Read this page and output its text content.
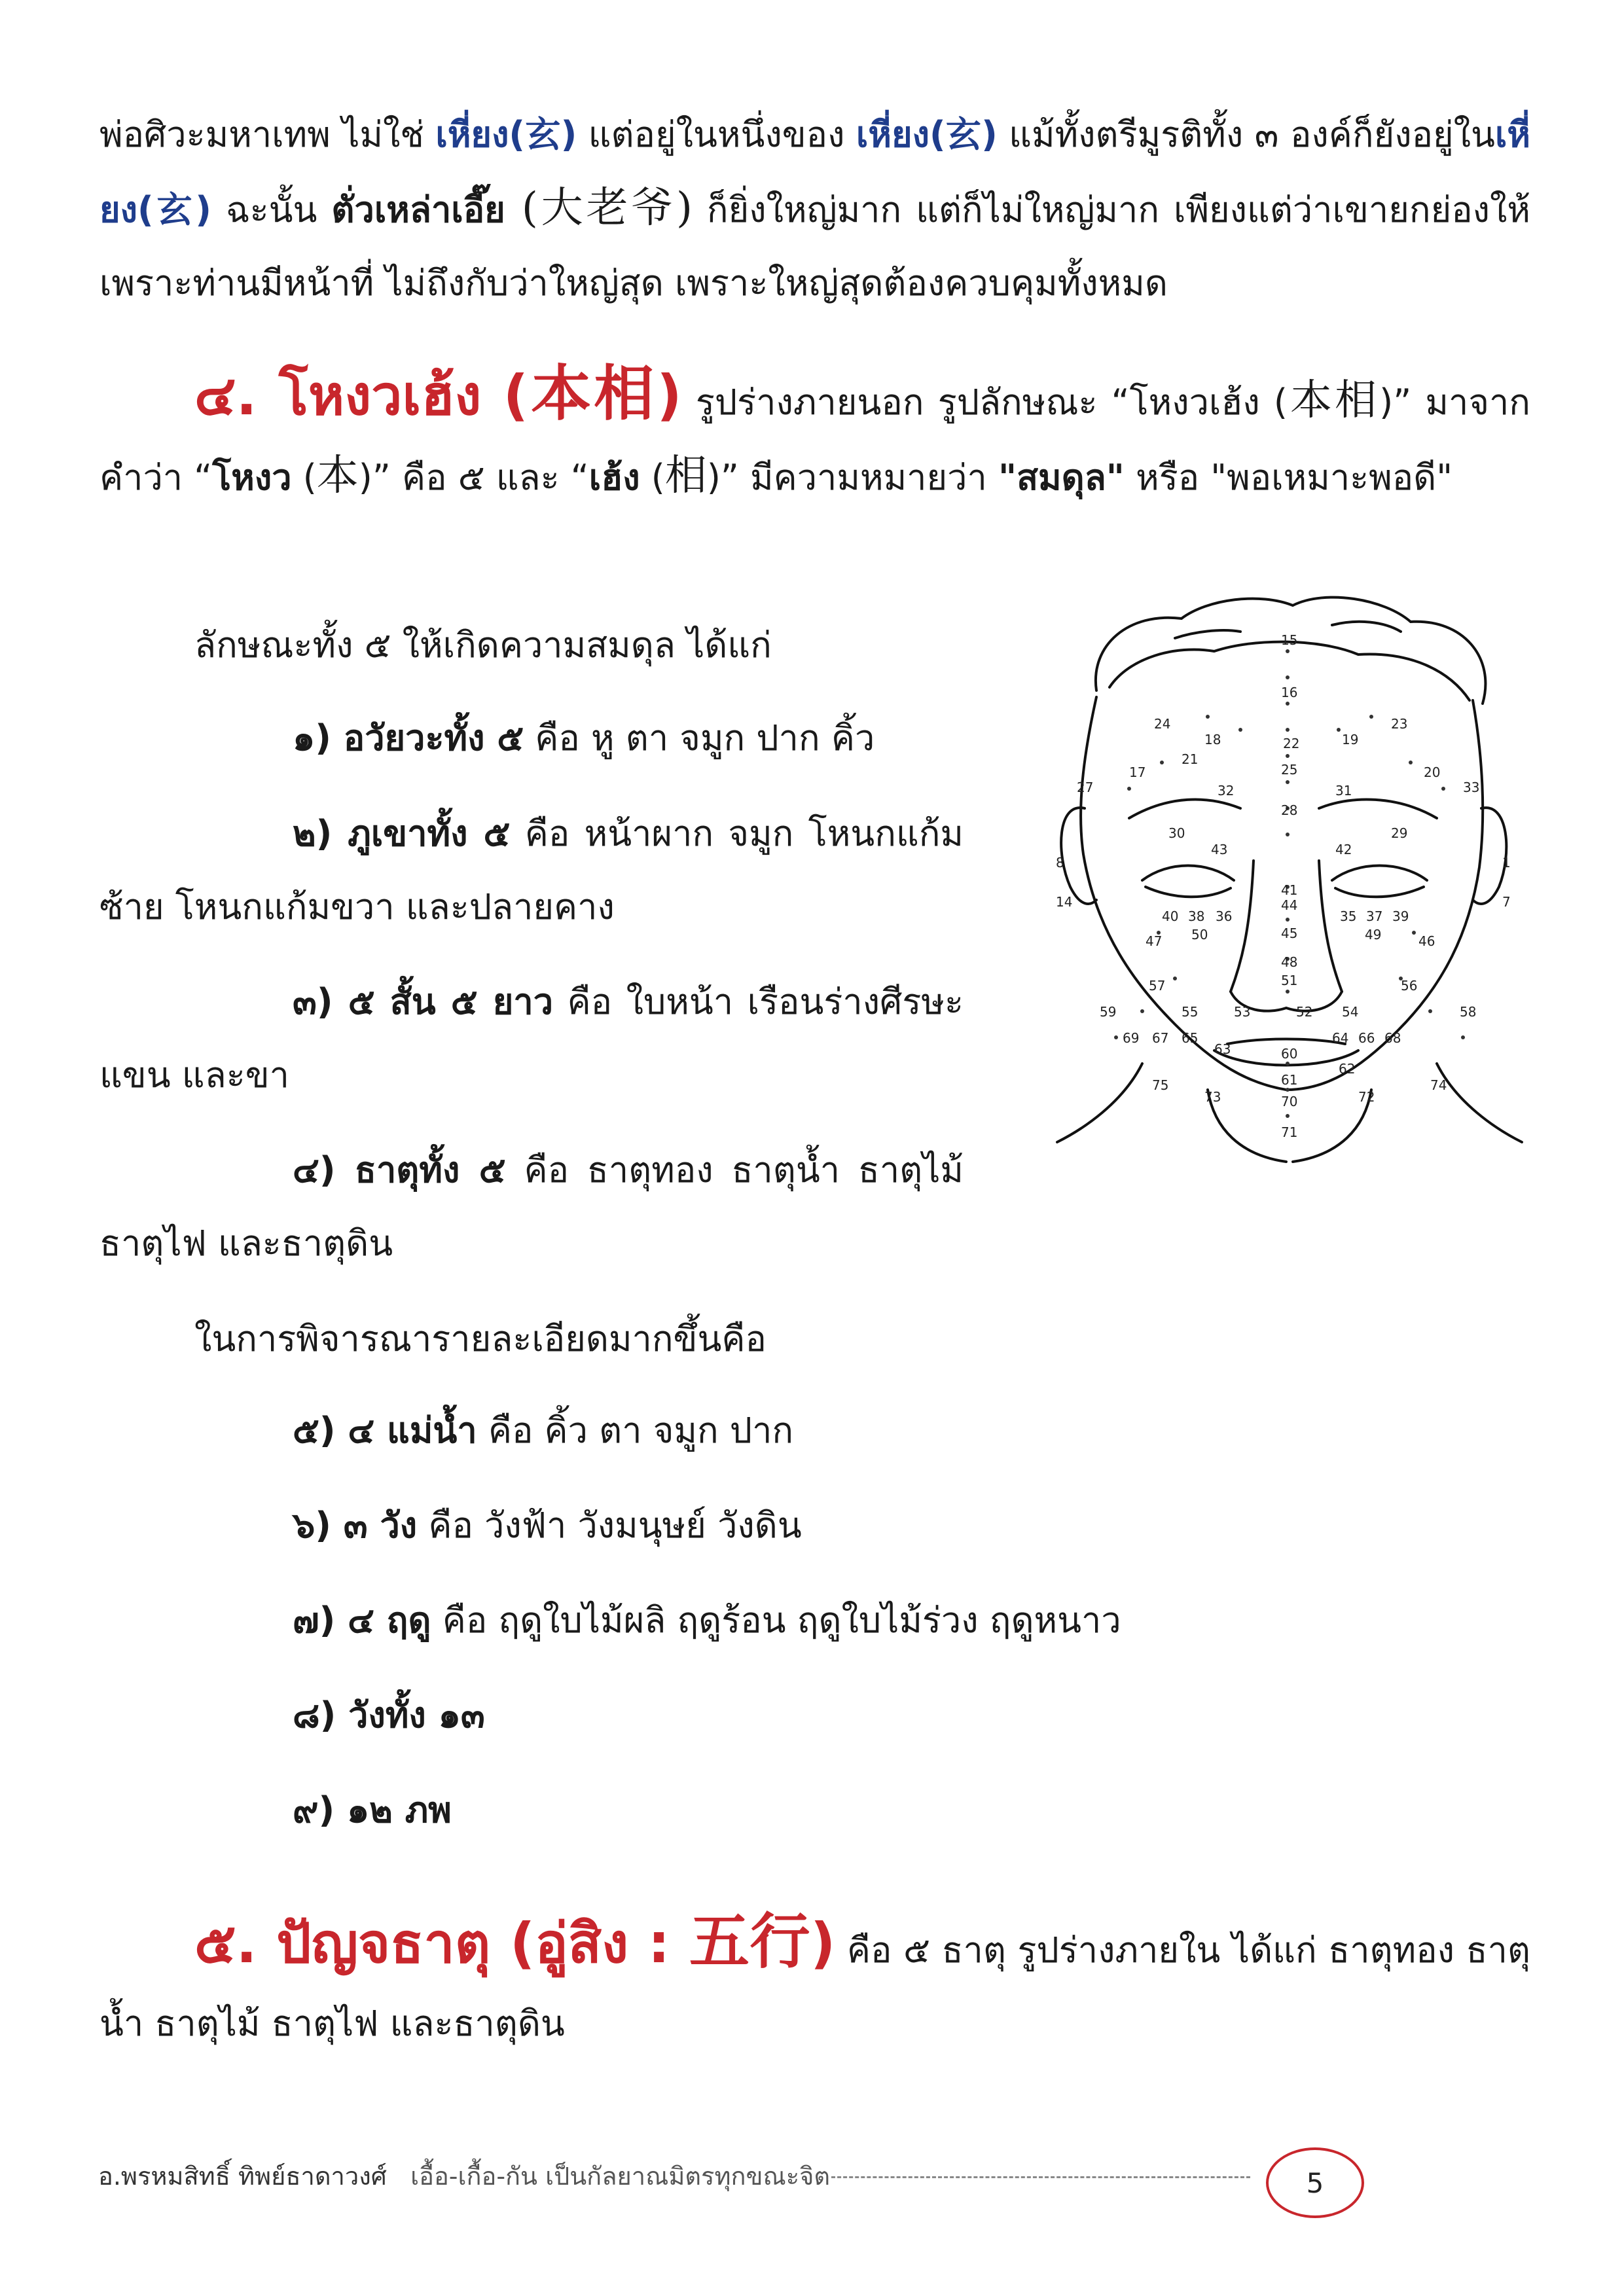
พ่อศิวะมหาเทพ ไม่ใช่ เหี่ยง(玄) แต่อยู่ในหนึ่งของ เหี่ยง(玄) แม้ทั้งตรีมูรติทั้ง ๓ องค์ก็ยังอยู่ในเหี่ยง(玄) ฉะนั้น ตั่วเหล่าเอี๊ย (大老爷) ก็ยิ่งใหญ่มาก แต่ก็ไม่ใหญ่มาก เพียงแต่ว่าเขายกย่องให้ เพราะท่านมีหน้าที่ ไม่ถึงกับว่าใหญ่สุด เพราะใหญ่สุดต้องควบคุมทั้งหมด

๔. โหงวเฮ้ง (本相) รูปร่างภายนอก รูปลักษณะ “โหงวเฮ้ง (本相)” มาจากคำว่า “โหงว (本)” คือ ๕ และ “เฮ้ง (相)” มีความหมายว่า "สมดุล" หรือ "พอเหมาะพอดี"

ลักษณะทั้ง ๕ ให้เกิดความสมดุล ได้แก่

๑) อวัยวะทั้ง ๕ คือ หู ตา จมูก ปาก คิ้ว

๒) ภูเขาทั้ง ๕ คือ หน้าผาก จมูก โหนกแก้มซ้าย โหนกแก้มขวา และปลายคาง

๓) ๕ สั้น ๕ ยาว คือ ใบหน้า เรือนร่างศีรษะ แขน และขา

๔) ธาตุทั้ง ๕ คือ ธาตุทอง ธาตุน้ำ ธาตุไม้ธาตุไฟ และธาตุดิน

ในการพิจารณารายละเอียดมากขึ้นคือ

๕) ๔ แม่น้ำ คือ คิ้ว ตา จมูก ปาก

๖) ๓ วัง คือ วังฟ้า วังมนุษย์ วังดิน

๗) ๔ ฤดู คือ ฤดูใบไม้ผลิ ฤดูร้อน ฤดูใบไม้ร่วง ฤดูหนาว

๘) วังทั้ง ๑๓

๙) ๑๒ ภพ

๕. ปัญจธาตุ (อู่สิง : 五行) คือ ๕ ธาตุ รูปร่างภายใน ได้แก่ ธาตุทอง ธาตุน้ำ ธาตุไม้ ธาตุไฟ และธาตุดิน

15
16
22
25
28
44
45
48
51
60
61
70
71
24	23
18	19
17	20
21
27	33
32	31
30	29
43	42
40 38 36	35 37 39
47 50	49	46
41
57	56
55	53	52 54
59	58
69 67 65
63
64 66 68
62
75	74
73	72
8
14
1
7
อ.พรหมสิทธิ์ ทิพย์ธาดาวงศ์ เอื้อ-เกื้อ-กัน เป็นกัลยาณมิตรทุกขณะจิต	5
